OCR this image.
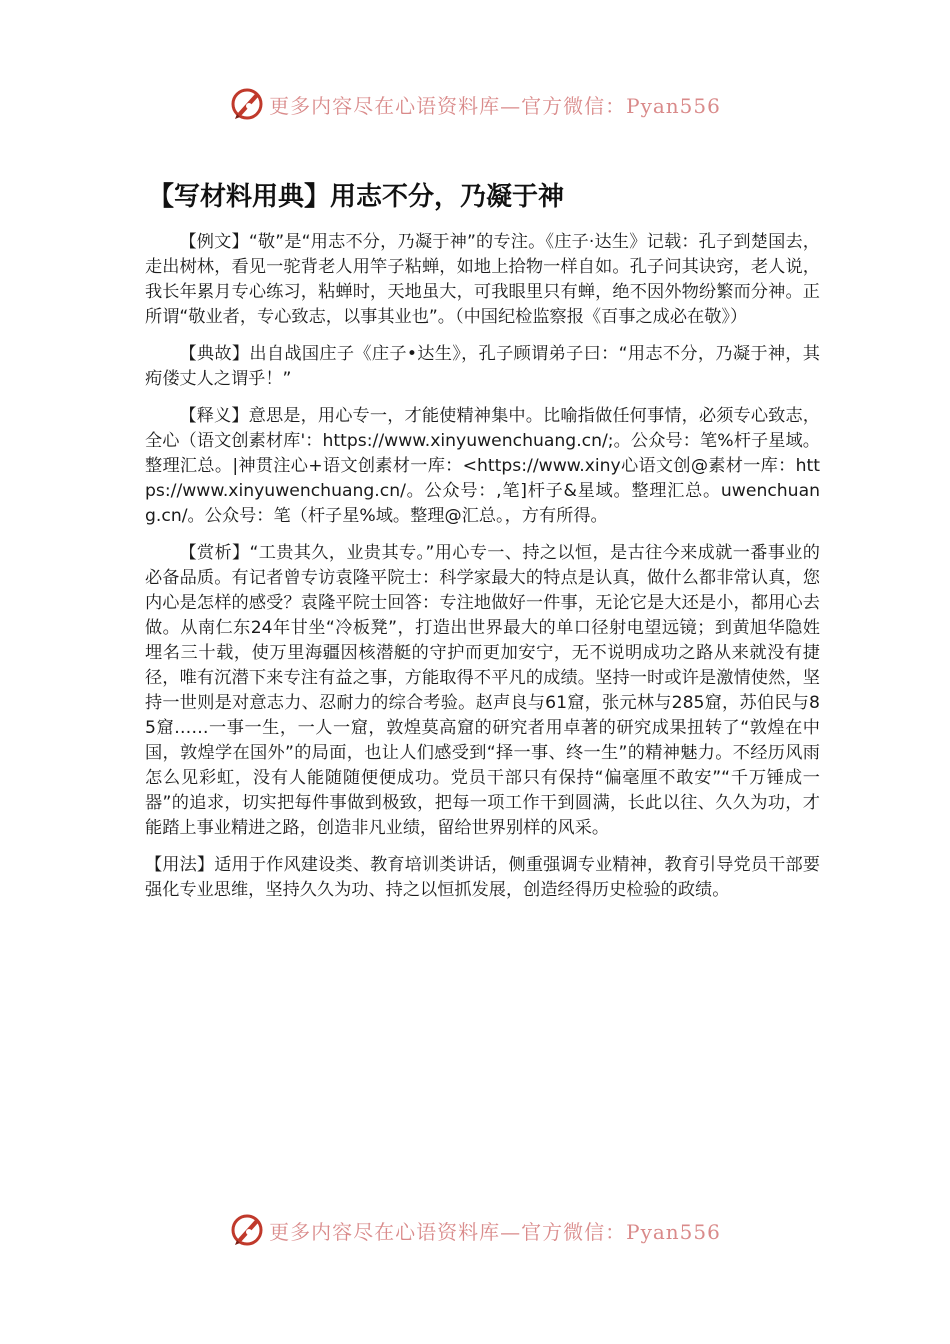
更多内容尽在心语资料库—官方微信：Pyan556
【写材料用典】用志不分，乃凝于神

【例文】“敬”是“用志不分，乃凝于神”的专注。《庄子·达生》记载：孔子到楚国去，走出树林，看见一驼背老人用竿子粘蝉，如地上拾物一样自如。孔子问其诀窍，老人说，我长年累月专心练习，粘蝉时，天地虽大，可我眼里只有蝉，绝不因外物纷繁而分神。正所谓“敬业者，专心致志，以事其业也”。（中国纪检监察报《百事之成必在敬》）

【典故】出自战国庄子《庄子•达生》，孔子顾谓弟子曰：“用志不分，乃凝于神，其痀偻丈人之谓乎！”

【释义】意思是，用心专一，才能使精神集中。比喻指做任何事情，必须专心致志，全心（语文创素材库'：https://www.xinyuwenchuang.cn/;。公众号：笔%杆子星域。整理汇总。|神贯注心+语文创素材一库：<https://www.xiny心语文创@素材一库：https://www.xinyuwenchuang.cn/。公众号：,笔]杆子&星域。整理汇总。uwenchuang.cn/。公众号：笔（杆子星%域。整理@汇总。，方有所得。

【赏析】“工贵其久，业贵其专。”用心专一、持之以恒，是古往今来成就一番事业的必备品质。有记者曾专访袁隆平院士：科学家最大的特点是认真，做什么都非常认真，您内心是怎样的感受？袁隆平院士回答：专注地做好一件事，无论它是大还是小，都用心去做。从南仁东24年甘坐“冷板凳”，打造出世界最大的单口径射电望远镜；到黄旭华隐姓埋名三十载，使万里海疆因核潜艇的守护而更加安宁，无不说明成功之路从来就没有捷径，唯有沉潜下来专注有益之事，方能取得不平凡的成绩。坚持一时或许是激情使然，坚持一世则是对意志力、忍耐力的综合考验。赵声良与61窟，张元林与285窟，苏伯民与85窟……一事一生，一人一窟，敦煌莫高窟的研究者用卓著的研究成果扭转了“敦煌在中国，敦煌学在国外”的局面，也让人们感受到“择一事、终一生”的精神魅力。不经历风雨怎么见彩虹，没有人能随随便便成功。党员干部只有保持“偏毫厘不敢安”“千万锤成一器”的追求，切实把每件事做到极致，把每一项工作干到圆满，长此以往、久久为功，才能踏上事业精进之路，创造非凡业绩，留给世界别样的风采。

【用法】适用于作风建设类、教育培训类讲话，侧重强调专业精神，教育引导党员干部要强化专业思维，坚持久久为功、持之以恒抓发展，创造经得历史检验的政绩。

更多内容尽在心语资料库—官方微信：Pyan556
